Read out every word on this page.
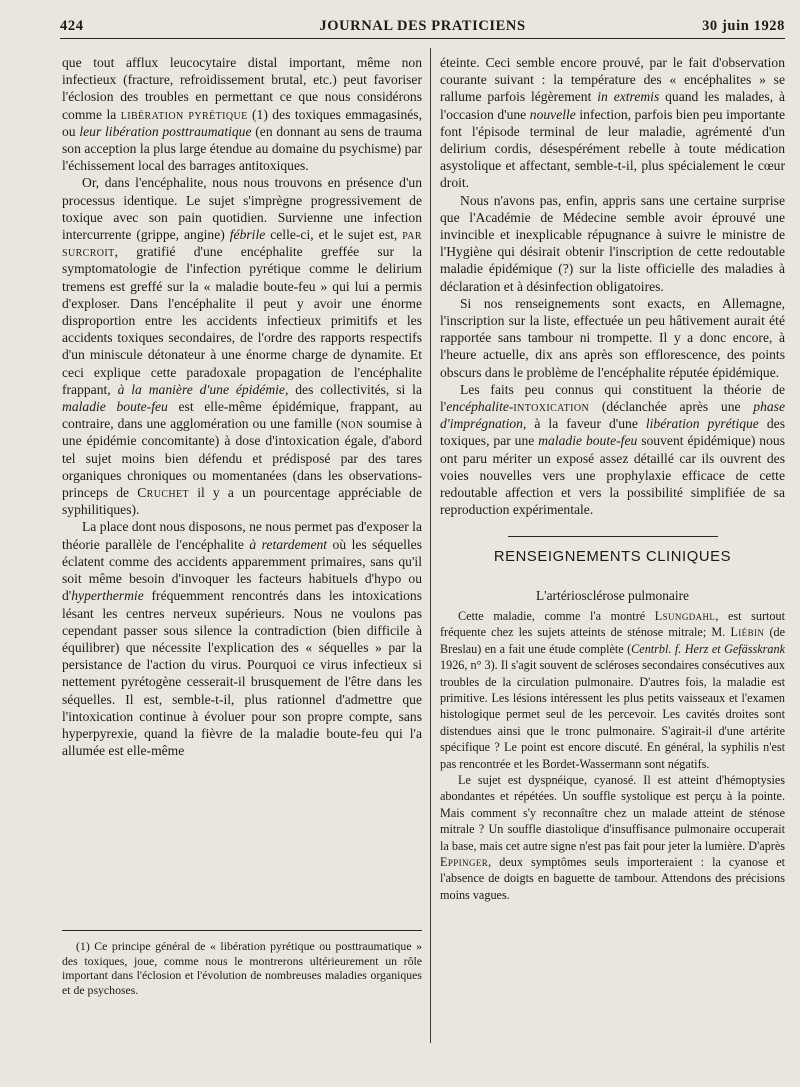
424	JOURNAL DES PRATICIENS	30 juin 1928

que tout afflux leucocytaire distal important, même non infectieux (fracture, refroidissement brutal, etc.) peut favoriser l'éclosion des troubles en permettant ce que nous considérons comme la libération pyrétique (1) des toxiques emmagasinés, ou leur libération posttraumatique (en donnant au sens de trauma son acception la plus large étendue au domaine du psychisme) par l'échissement local des barrages antitoxiques.

Or, dans l'encéphalite, nous nous trouvons en présence d'un processus identique. Le sujet s'imprègne progressivement de toxique avec son pain quotidien. Survienne une infection intercurrente (grippe, angine) fébrile celle-ci, et le sujet est, par surcroit, gratifié d'une encéphalite greffée sur la symptomatologie de l'infection pyrétique comme le delirium tremens est greffé sur la « maladie boute-feu » qui lui a permis d'exploser. Dans l'encéphalite il peut y avoir une énorme disproportion entre les accidents infectieux primitifs et les accidents toxiques secondaires, de l'ordre des rapports respectifs d'un miniscule détonateur à une énorme charge de dynamite. Et ceci explique cette paradoxale propagation de l'encéphalite frappant, à la manière d'une épidémie, des collectivités, si la maladie boute-feu est elle-même épidémique, frappant, au contraire, dans une agglomération ou une famille (non soumise à une épidémie concomitante) à dose d'intoxication égale, d'abord tel sujet moins bien défendu et prédisposé par des tares organiques chroniques ou momentanées (dans les observations-princeps de Cruchet il y a un pourcentage appréciable de syphilitiques).

La place dont nous disposons, ne nous permet pas d'exposer la théorie parallèle de l'encéphalite à retardement où les séquelles éclatent comme des accidents apparemment primaires, sans qu'il soit même besoin d'invoquer les facteurs habituels d'hypo ou d'hyperthermie fréquemment rencontrés dans les intoxications lésant les centres nerveux supérieurs. Nous ne voulons pas cependant passer sous silence la contradiction (bien difficile à équilibrer) que nécessite l'explication des « séquelles » par la persistance de l'action du virus. Pourquoi ce virus infectieux si nettement pyrétogène cesserait-il brusquement de l'être dans les séquelles. Il est, semble-t-il, plus rationnel d'admettre que l'intoxication continue à évoluer pour son propre compte, sans hyperpyrexie, quand la fièvre de la maladie boute-feu qui l'a allumée est elle-même

(1) Ce principe général de « libération pyrétique ou posttraumatique » des toxiques, joue, comme nous le montrerons ultérieurement un rôle important dans l'éclosion et l'évolution de nombreuses maladies organiques et de psychoses.

éteinte. Ceci semble encore prouvé, par le fait d'observation courante suivant : la température des « encéphalites » se rallume parfois légèrement in extremis quand les malades, à l'occasion d'une nouvelle infection, parfois bien peu importante font l'épisode terminal de leur maladie, agrémenté d'un delirium cordis, désespérément rebelle à toute médication asystolique et affectant, semble-t-il, plus spécialement le cœur droit.

Nous n'avons pas, enfin, appris sans une certaine surprise que l'Académie de Médecine semble avoir éprouvé une invincible et inexplicable répugnance à suivre le ministre de l'Hygiène qui désirait obtenir l'inscription de cette redoutable maladie épidémique (?) sur la liste officielle des maladies à déclaration et à désinfection obligatoires.

Si nos renseignements sont exacts, en Allemagne, l'inscription sur la liste, effectuée un peu hâtivement aurait été rapportée sans tambour ni trompette. Il y a donc encore, à l'heure actuelle, dix ans après son efflorescence, des points obscurs dans le problème de l'encéphalite réputée épidémique.

Les faits peu connus qui constituent la théorie de l'encéphalite-intoxication (déclanchée après une phase d'imprégnation, à la faveur d'une libération pyrétique des toxiques, par une maladie boute-feu souvent épidémique) nous ont paru mériter un exposé assez détaillé car ils ouvrent des voies nouvelles vers une prophylaxie efficace de cette redoutable affection et vers la possibilité simplifiée de sa reproduction expérimentale.

RENSEIGNEMENTS CLINIQUES
L'artériosclérose pulmonaire

Cette maladie, comme l'a montré Lsungdahl, est surtout fréquente chez les sujets atteints de sténose mitrale; M. Liébin (de Breslau) en a fait une étude complète (Centrbl. f. Herz et Gefässkrank 1926, n° 3). Il s'agit souvent de scléroses secondaires consécutives aux troubles de la circulation pulmonaire. D'autres fois, la maladie est primitive. Les lésions intéressent les plus petits vaisseaux et l'examen histologique permet seul de les percevoir. Les cavités droites sont distendues ainsi que le tronc pulmonaire. S'agirait-il d'une artérite spécifique ? Le point est encore discuté. En général, la syphilis n'est pas rencontrée et les Bordet-Wassermann sont négatifs.

Le sujet est dyspnéique, cyanosé. Il est atteint d'hémoptysies abondantes et répétées. Un souffle systolique est perçu à la pointe. Mais comment s'y reconnaître chez un malade atteint de sténose mitrale ? Un souffle diastolique d'insuffisance pulmonaire occuperait la base, mais cet autre signe n'est pas fait pour jeter la lumière. D'après Eppinger, deux symptômes seuls importeraient : la cyanose et l'absence de doigts en baguette de tambour. Attendons des précisions moins vagues.
